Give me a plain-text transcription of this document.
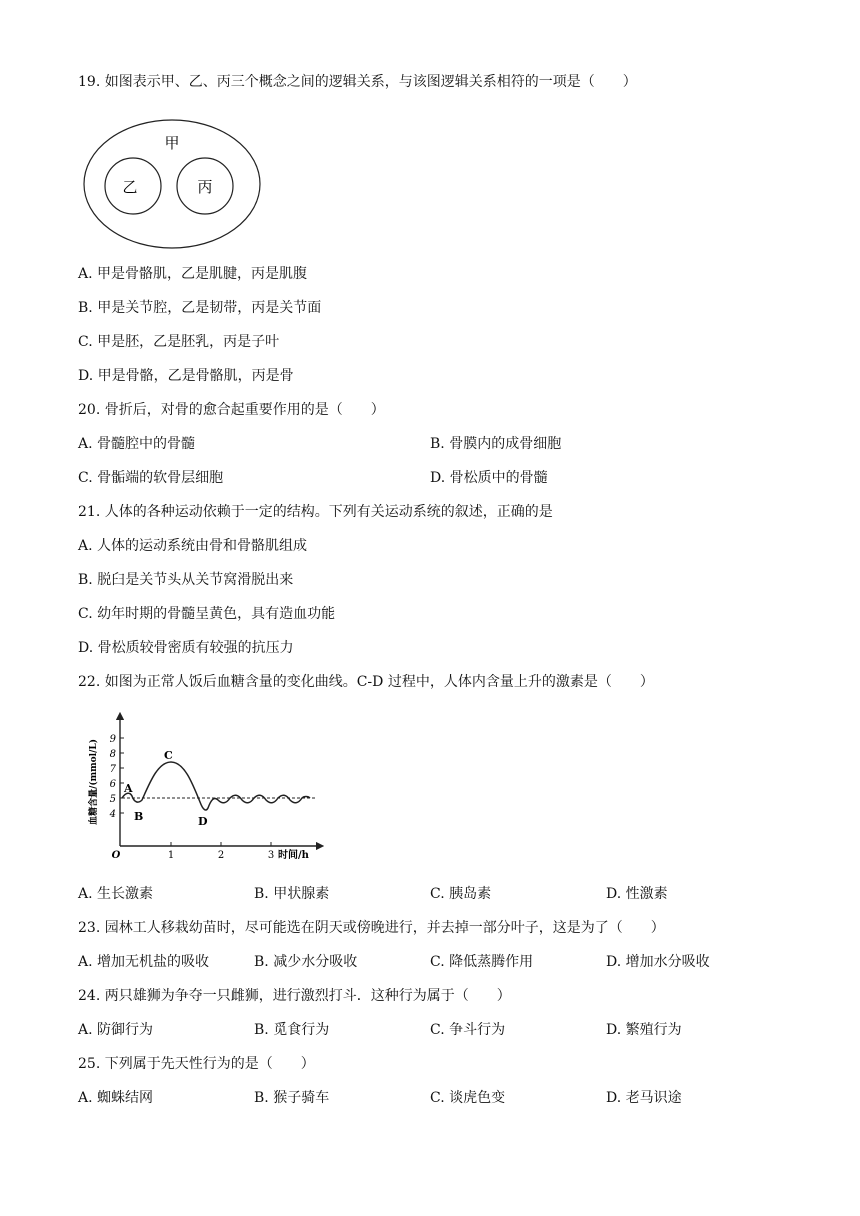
19. 如图表示甲、乙、丙三个概念之间的逻辑关系，与该图逻辑关系相符的一项是（　　）
甲
乙	丙
A. 甲是骨骼肌，乙是肌腱，丙是肌腹
B. 甲是关节腔，乙是韧带，丙是关节面
C. 甲是胚，乙是胚乳，丙是子叶
D. 甲是骨骼，乙是骨骼肌，丙是骨
20. 骨折后，对骨的愈合起重要作用的是（　　）
A. 骨髓腔中的骨髓	B. 骨膜内的成骨细胞
C. 骨骺端的软骨层细胞	D. 骨松质中的骨髓
21. 人体的各种运动依赖于一定的结构。下列有关运动系统的叙述，正确的是
A. 人体的运动系统由骨和骨骼肌组成
B. 脱臼是关节头从关节窝滑脱出来
C. 幼年时期的骨髓呈黄色，具有造血功能
D. 骨松质较骨密质有较强的抗压力
22. 如图为正常人饭后血糖含量的变化曲线。C-D 过程中，人体内含量上升的激素是（　　）
4
5
6
7
8
9
O	1	2	3 时间/h
血糖含量/(mmol/L) A
B
C
D
A. 生长激素	B. 甲状腺素	C. 胰岛素	D. 性激素
23. 园林工人移栽幼苗时，尽可能选在阴天或傍晚进行，并去掉一部分叶子，这是为了（　　）
A. 增加无机盐的吸收	B. 减少水分吸收	C. 降低蒸腾作用	D. 增加水分吸收
24. 两只雄狮为争夺一只雌狮，进行激烈打斗．这种行为属于（　　）
A. 防御行为	B. 觅食行为	C. 争斗行为	D. 繁殖行为
25. 下列属于先天性行为的是（　　）
A. 蜘蛛结网	B. 猴子骑车	C. 谈虎色变	D. 老马识途
